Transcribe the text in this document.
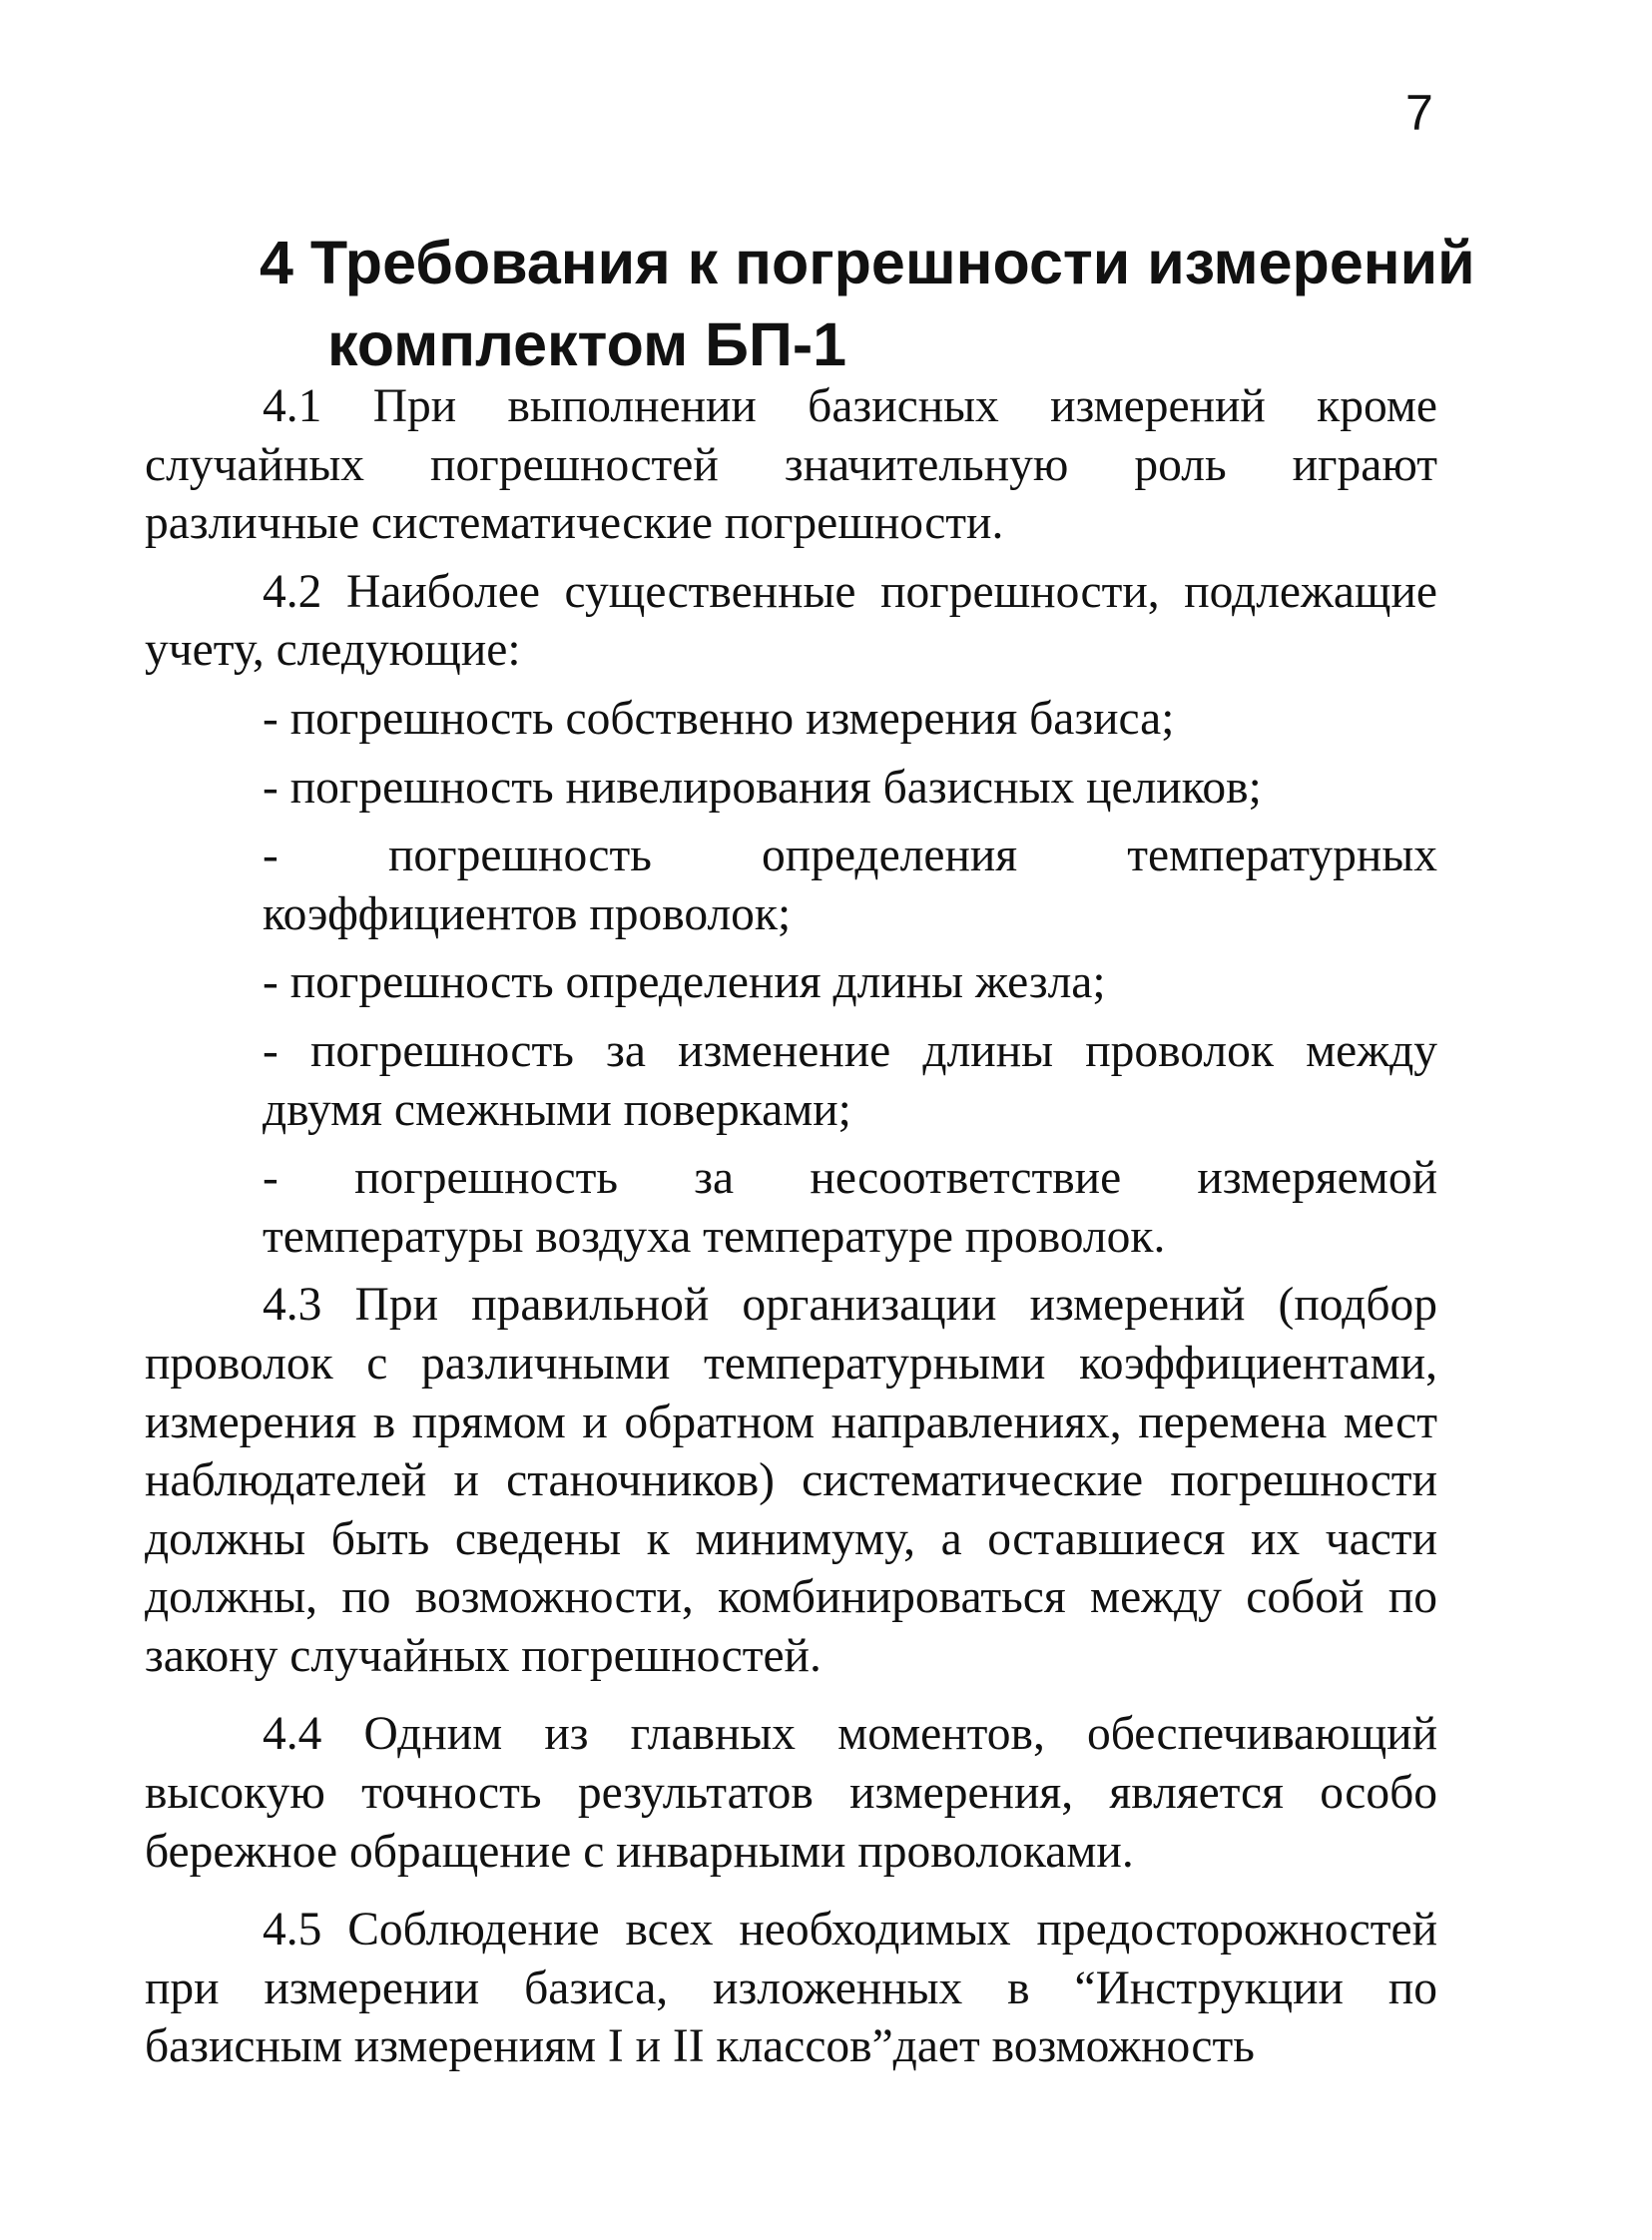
7
4 Требования к погрешности измерений
комплектом БП-1

4.1 При выполнении базисных измерений кроме случайных погрешностей значительную роль играют различные систематические погрешности.

4.2 Наиболее существенные погрешности, подлежащие учету, следующие:

- погрешность собственно измерения базиса;

- погрешность нивелирования базисных целиков;

- погрешность определения температурных коэффициентов проволок;

- погрешность определения длины жезла;

- погрешность за изменение длины проволок между двумя смежными поверками;

- погрешность за несоответствие измеряемой температуры воздуха температуре проволок.

4.3 При правильной организации измерений (подбор проволок с различными температурными коэффициентами, измерения в прямом и обратном направлениях, перемена мест наблюдателей и станочников) систематические погрешности должны быть сведены к минимуму, а оставшиеся их части должны, по возможности, комбинироваться между собой по закону случайных погрешностей.

4.4 Одним из главных моментов, обеспечивающий высокую точность результатов измерения, является особо бережное обращение с инварными проволоками.

4.5 Соблюдение всех необходимых предосторожностей при измерении базиса, изложенных в “Инструкции по базисным измерениям I и II классов”дает возможность
